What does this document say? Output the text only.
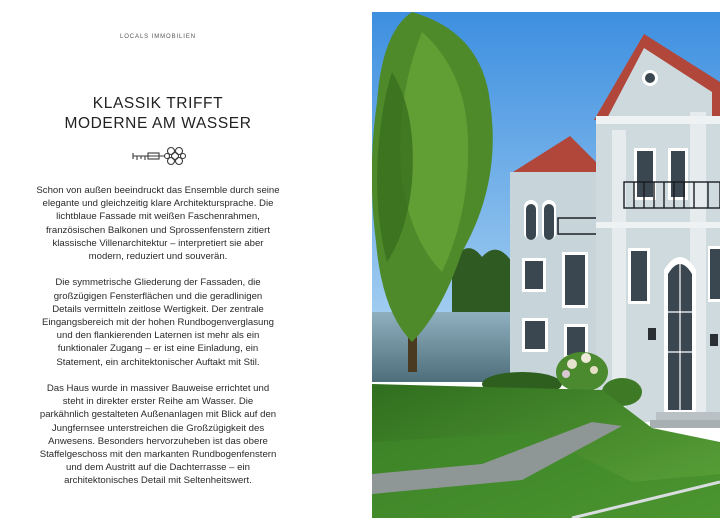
LOCALS IMMOBILIEN
KLASSIK TRIFFT
MODERNE AM WASSER

Schon von außen beeindruckt das Ensemble durch seine
elegante und gleichzeitig klare Architektursprache. Die
lichtblaue Fassade mit weißen Faschenrahmen,
französischen Balkonen und Sprossenfenstern zitiert
klassische Villenarchitektur – interpretiert sie aber
modern, reduziert und souverän.

Die symmetrische Gliederung der Fassaden, die
großzügigen Fensterflächen und die geradlinigen
Details vermitteln zeitlose Wertigkeit. Der zentrale
Eingangsbereich mit der hohen Rundbogenverglasung
und den flankierenden Laternen ist mehr als ein
funktionaler Zugang – er ist eine Einladung, ein
Statement, ein architektonischer Auftakt mit Stil.

Das Haus wurde in massiver Bauweise errichtet und
steht in direkter erster Reihe am Wasser. Die
parkähnlich gestalteten Außenanlagen mit Blick auf den
Jungfernsee unterstreichen die Großzügigkeit des
Anwesens. Besonders hervorzuheben ist das obere
Staffelgeschoss mit den markanten Rundbogenfenstern
und dem Austritt auf die Dachterrasse – ein
architektonisches Detail mit Seltenheitswert.
